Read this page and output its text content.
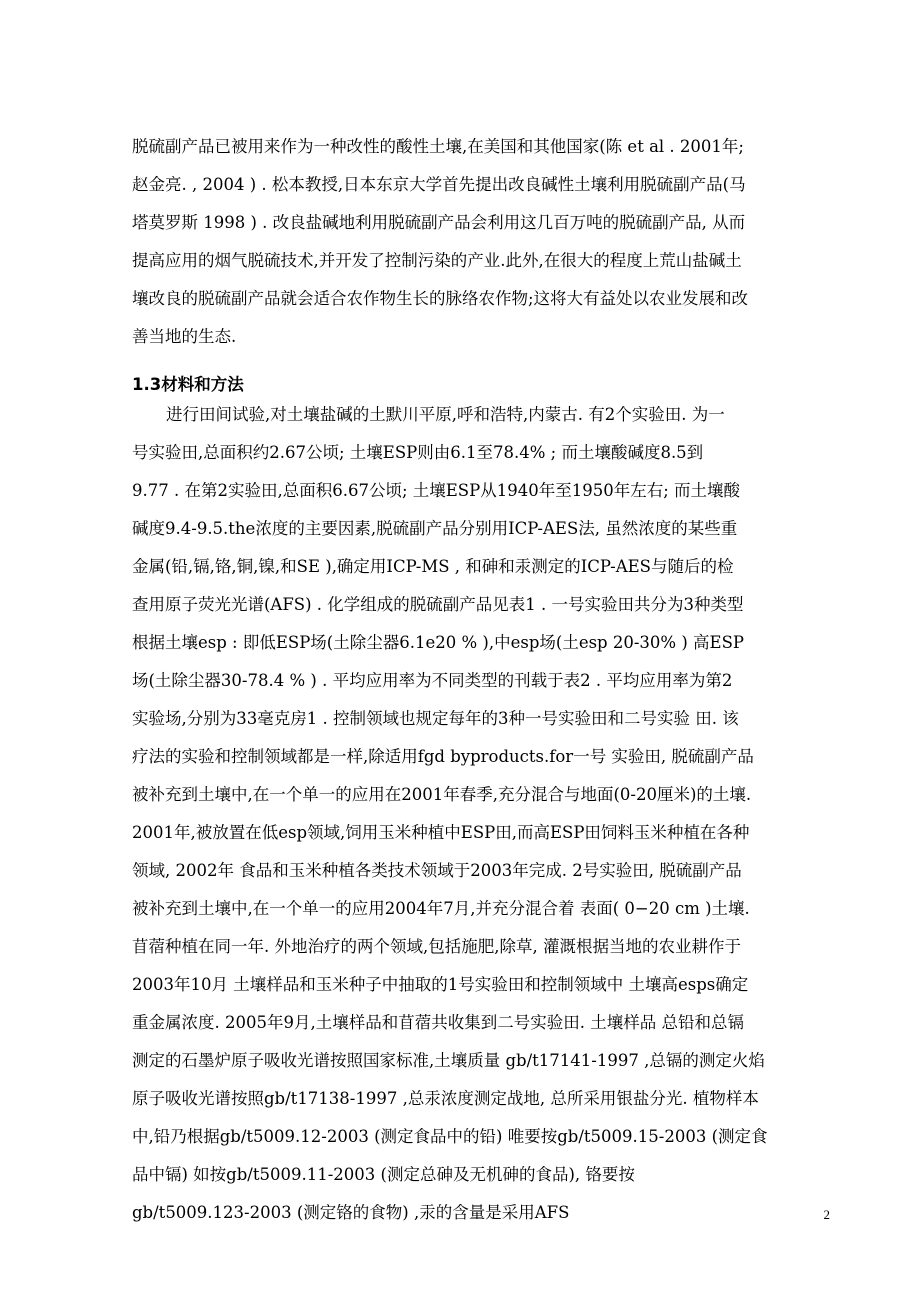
脱硫副产品已被用来作为一种改性的酸性土壤,在美国和其他国家(陈 et al . 2001年;
赵金亮. , 2004 ) . 松本教授,日本东京大学首先提出改良碱性土壤利用脱硫副产品(马
塔莫罗斯 1998 ) . 改良盐碱地利用脱硫副产品会利用这几百万吨的脱硫副产品, 从而
提高应用的烟气脱硫技术,并开发了控制污染的产业.此外,在很大的程度上荒山盐碱土
壤改良的脱硫副产品就会适合农作物生长的脉络农作物;这将大有益处以农业发展和改
善当地的生态.
1.3材料和方法
进行田间试验,对土壤盐碱的土默川平原,呼和浩特,内蒙古. 有2个实验田. 为一
号实验田,总面积约2.67公顷; 土壤ESP则由6.1至78.4% ; 而土壤酸碱度8.5到
9.77 . 在第2实验田,总面积6.67公顷; 土壤ESP从1940年至1950年左右; 而土壤酸
碱度9.4-9.5.the浓度的主要因素,脱硫副产品分别用ICP-AES法, 虽然浓度的某些重
金属(铅,镉,铬,铜,镍,和SE ),确定用ICP-MS , 和砷和汞测定的ICP-AES与随后的检
查用原子荧光光谱(AFS) . 化学组成的脱硫副产品见表1 . 一号实验田共分为3种类型
根据土壤esp : 即低ESP场(土除尘器6.1e20 % ),中esp场(土esp 20-30% ) 高ESP
场(土除尘器30-78.4 % ) . 平均应用率为不同类型的刊载于表2 . 平均应用率为第2
实验场,分别为33毫克房1 . 控制领域也规定每年的3种一号实验田和二号实验 田. 该
疗法的实验和控制领域都是一样,除适用fgd byproducts.for一号 实验田, 脱硫副产品
被补充到土壤中,在一个单一的应用在2001年春季,充分混合与地面(0-20厘米)的土壤.
2001年,被放置在低esp领域,饲用玉米种植中ESP田,而高ESP田饲料玉米种植在各种
领域, 2002年 食品和玉米种植各类技术领域于2003年完成. 2号实验田, 脱硫副产品
被补充到土壤中,在一个单一的应用2004年7月,并充分混合着 表面( 0−20 cm )土壤.
苜蓿种植在同一年. 外地治疗的两个领域,包括施肥,除草, 灌溉根据当地的农业耕作于
2003年10月 土壤样品和玉米种子中抽取的1号实验田和控制领域中 土壤高esps确定
重金属浓度. 2005年9月,土壤样品和苜蓿共收集到二号实验田. 土壤样品 总铅和总镉
测定的石墨炉原子吸收光谱按照国家标准,土壤质量 gb/t17141-1997 ,总镉的测定火焰
原子吸收光谱按照gb/t17138-1997 ,总汞浓度测定战地, 总所采用银盐分光. 植物样本
中,铅乃根据gb/t5009.12-2003 (测定食品中的铅) 唯要按gb/t5009.15-2003 (测定食
品中镉) 如按gb/t5009.11-2003 (测定总砷及无机砷的食品), 铬要按
gb/t5009.123-2003 (测定铬的食物) ,汞的含量是采用AFS	2
